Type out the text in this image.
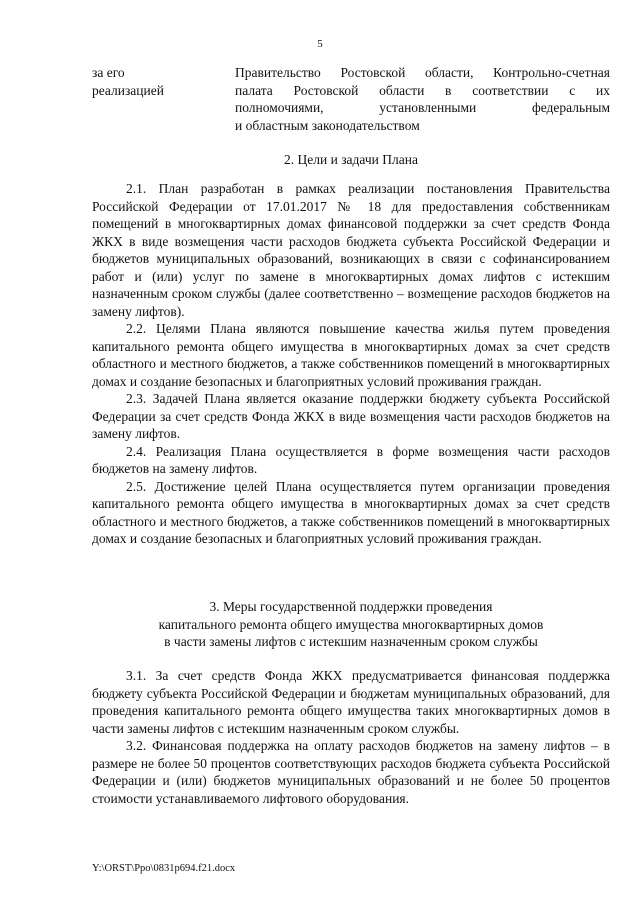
5
за его
реализацией

Правительство Ростовской области, Контрольно-счетная

палата Ростовской области в соответствии с их

полномочиями, установленными федеральным

и областным законодательством

2. Цели и задачи Плана

2.1. План разработан в рамках реализации постановления Правительства Российской Федерации от 17.01.2017 № 18 для предоставления собственникам помещений в многоквартирных домах финансовой поддержки за счет средств Фонда ЖКХ в виде возмещения части расходов бюджета субъекта Российской Федерации и бюджетов муниципальных образований, возникающих в связи с софинансированием работ и (или) услуг по замене в многоквартирных домах лифтов с истекшим назначенным сроком службы (далее соответственно – возмещение расходов бюджетов на замену лифтов).

2.2. Целями Плана являются повышение качества жилья путем проведения капитального ремонта общего имущества в многоквартирных домах за счет средств областного и местного бюджетов, а также собственников помещений в многоквартирных домах и создание безопасных и благоприятных условий проживания граждан.

2.3. Задачей Плана является оказание поддержки бюджету субъекта Российской Федерации за счет средств Фонда ЖКХ в виде возмещения части расходов бюджетов на замену лифтов.

2.4. Реализация Плана осуществляется в форме возмещения части расходов бюджетов на замену лифтов.

2.5. Достижение целей Плана осуществляется путем организации проведения капитального ремонта общего имущества в многоквартирных домах за счет средств областного и местного бюджетов, а также собственников помещений в многоквартирных домах и создание безопасных и благоприятных условий проживания граждан.

3. Меры государственной поддержки проведения
капитального ремонта общего имущества многоквартирных домов
в части замены лифтов с истекшим назначенным сроком службы

3.1. За счет средств Фонда ЖКХ предусматривается финансовая поддержка бюджету субъекта Российской Федерации и бюджетам муниципальных образований, для проведения капитального ремонта общего имущества таких многоквартирных домов в части замены лифтов с истекшим назначенным сроком службы.

3.2. Финансовая поддержка на оплату расходов бюджетов на замену лифтов – в размере не более 50 процентов соответствующих расходов бюджета субъекта Российской Федерации и (или) бюджетов муниципальных образований и не более 50 процентов стоимости устанавливаемого лифтового оборудования.

Y:\ORST\Ppo\0831p694.f21.docx
